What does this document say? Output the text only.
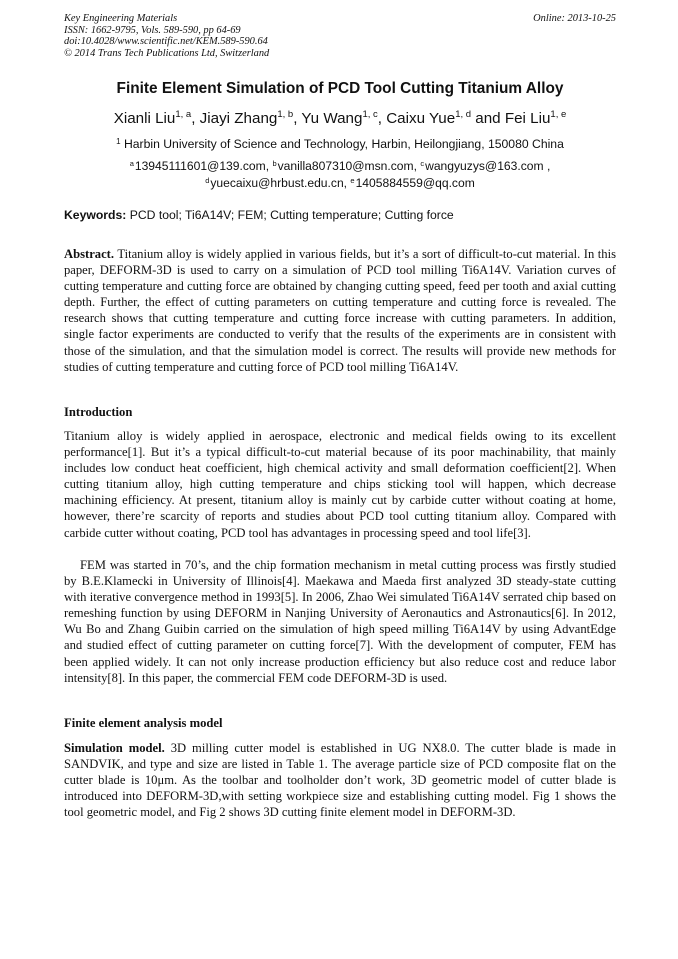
Key Engineering Materials
ISSN: 1662-9795, Vols. 589-590, pp 64-69
doi:10.4028/www.scientific.net/KEM.589-590.64
© 2014 Trans Tech Publications Ltd, Switzerland
Online: 2013-10-25
Finite Element Simulation of PCD Tool Cutting Titanium Alloy
Xianli Liu$^{1, a}$, Jiayi Zhang$^{1, b}$, Yu Wang$^{1, c}$, Caixu Yue$^{1, d}$ and Fei Liu$^{1, e}$
$^1$ Harbin University of Science and Technology, Harbin, Heilongjiang, 150080 China
$^a$13945111601@139.com, $^b$vanilla807310@msn.com, $^c$wangyuzys@163.com ,
$^d$yuecaixu@hrbust.edu.cn, $^e$1405884559@qq.com
Keywords: PCD tool; Ti6A14V; FEM; Cutting temperature; Cutting force

Abstract. Titanium alloy is widely applied in various fields, but it’s a sort of difficult-to-cut material. In this paper, DEFORM-3D is used to carry on a simulation of PCD tool milling Ti6A14V. Variation curves of cutting temperature and cutting force are obtained by changing cutting speed, feed per tooth and axial cutting depth. Further, the effect of cutting parameters on cutting temperature and cutting force is revealed. The research shows that cutting temperature and cutting force increase with cutting parameters. In addition, single factor experiments are conducted to verify that the results of the experiments are in consistent with those of the simulation, and that the simulation model is correct. The results will provide new methods for studies of cutting temperature and cutting force of PCD tool milling Ti6A14V.

Introduction

Titanium alloy is widely applied in aerospace, electronic and medical fields owing to its excellent performance[1]. But it’s a typical difficult-to-cut material because of its poor machinability, that mainly includes low conduct heat coefficient, high chemical activity and small deformation coefficient[2]. When cutting titanium alloy, high cutting temperature and chips sticking tool will happen, which decrease machining efficiency. At present, titanium alloy is mainly cut by carbide cutter without coating at home, however, there’re scarcity of reports and studies about PCD tool cutting titanium alloy. Compared with carbide cutter without coating, PCD tool has advantages in processing speed and tool life[3].

FEM was started in 70’s, and the chip formation mechanism in metal cutting process was firstly studied by B.E.Klamecki in University of Illinois[4]. Maekawa and Maeda first analyzed 3D steady-state cutting with iterative convergence method in 1993[5]. In 2006, Zhao Wei simulated Ti6A14V serrated chip based on remeshing function by using DEFORM in Nanjing University of Aeronautics and Astronautics[6]. In 2012, Wu Bo and Zhang Guibin carried on the simulation of high speed milling Ti6A14V by using AdvantEdge and studied effect of cutting parameter on cutting force[7]. With the development of computer, FEM has been applied widely. It can not only increase production efficiency but also reduce cost and reduce labor intensity[8]. In this paper, the commercial FEM code DEFORM-3D is used.

Finite element analysis model

Simulation model. 3D milling cutter model is established in UG NX8.0. The cutter blade is made in SANDVIK, and type and size are listed in Table 1. The average particle size of PCD composite flat on the cutter blade is 10μm. As the toolbar and toolholder don’t work, 3D geometric model of cutter blade is introduced into DEFORM-3D,with setting workpiece size and establishing cutting model. Fig 1 shows the tool geometric model, and Fig 2 shows 3D cutting finite element model in DEFORM-3D.
